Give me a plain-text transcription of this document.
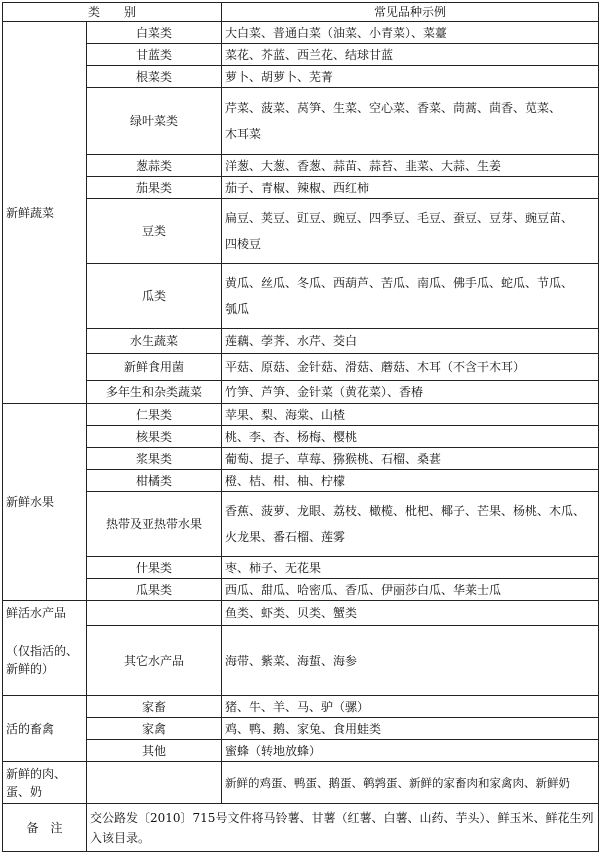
类　　别		常见品种示例
新鲜蔬菜	白菜类	大白菜、普通白菜（油菜、小青菜）、菜薹
	甘蓝类	菜花、芥蓝、西兰花、结球甘蓝
	根菜类	萝卜、胡萝卜、芜菁
	绿叶菜类	芹菜、菠菜、莴笋、生菜、空心菜、香菜、茼蒿、茴香、苋菜、
木耳菜

	葱蒜类	洋葱、大葱、香葱、蒜苗、蒜苔、韭菜、大蒜、生姜
	茄果类	茄子、青椒、辣椒、西红柿
	豆类	扁豆、荚豆、豇豆、豌豆、四季豆、毛豆、蚕豆、豆芽、豌豆苗、
四棱豆

	瓜类	黄瓜、丝瓜、冬瓜、西葫芦、苦瓜、南瓜、佛手瓜、蛇瓜、节瓜、
瓠瓜

	水生蔬菜	莲藕、荸荠、水芹、茭白
	新鲜食用菌	平菇、原菇、金针菇、滑菇、蘑菇、木耳（不含干木耳）
	多年生和杂类蔬菜	竹笋、芦笋、金针菜（黄花菜）、香椿
新鲜水果	仁果类	苹果、梨、海棠、山楂
	核果类	桃、李、杏、杨梅、樱桃
	浆果类	葡萄、提子、草莓、猕猴桃、石榴、桑葚
	柑橘类	橙、桔、柑、柚、柠檬
	热带及亚热带水果	香蕉、菠萝、龙眼、荔枝、橄榄、枇杷、椰子、芒果、杨桃、木瓜、
火龙果、番石榴、莲雾

	什果类	枣、柿子、无花果
	瓜果类	西瓜、甜瓜、哈密瓜、香瓜、伊丽莎白瓜、华莱士瓜
鲜活水产品
（仅指活的、新鲜的）		鱼类、虾类、贝类、蟹类
	其它水产品	海带、紫菜、海蜇、海参
活的畜禽	家畜	猪、牛、羊、马、驴（骡）
	家禽	鸡、鸭、鹅、家兔、食用蛙类
	其他	蜜蜂（转地放蜂）
新鲜的肉、蛋、奶		新鲜的鸡蛋、鸭蛋、鹅蛋、鹌鹑蛋、新鲜的家畜肉和家禽肉、新鲜奶
备　注	交公路发〔2010〕715号文件将马铃薯、甘薯（红薯、白薯、山药、芋头）、鲜玉米、鲜花生列入该目录。	
